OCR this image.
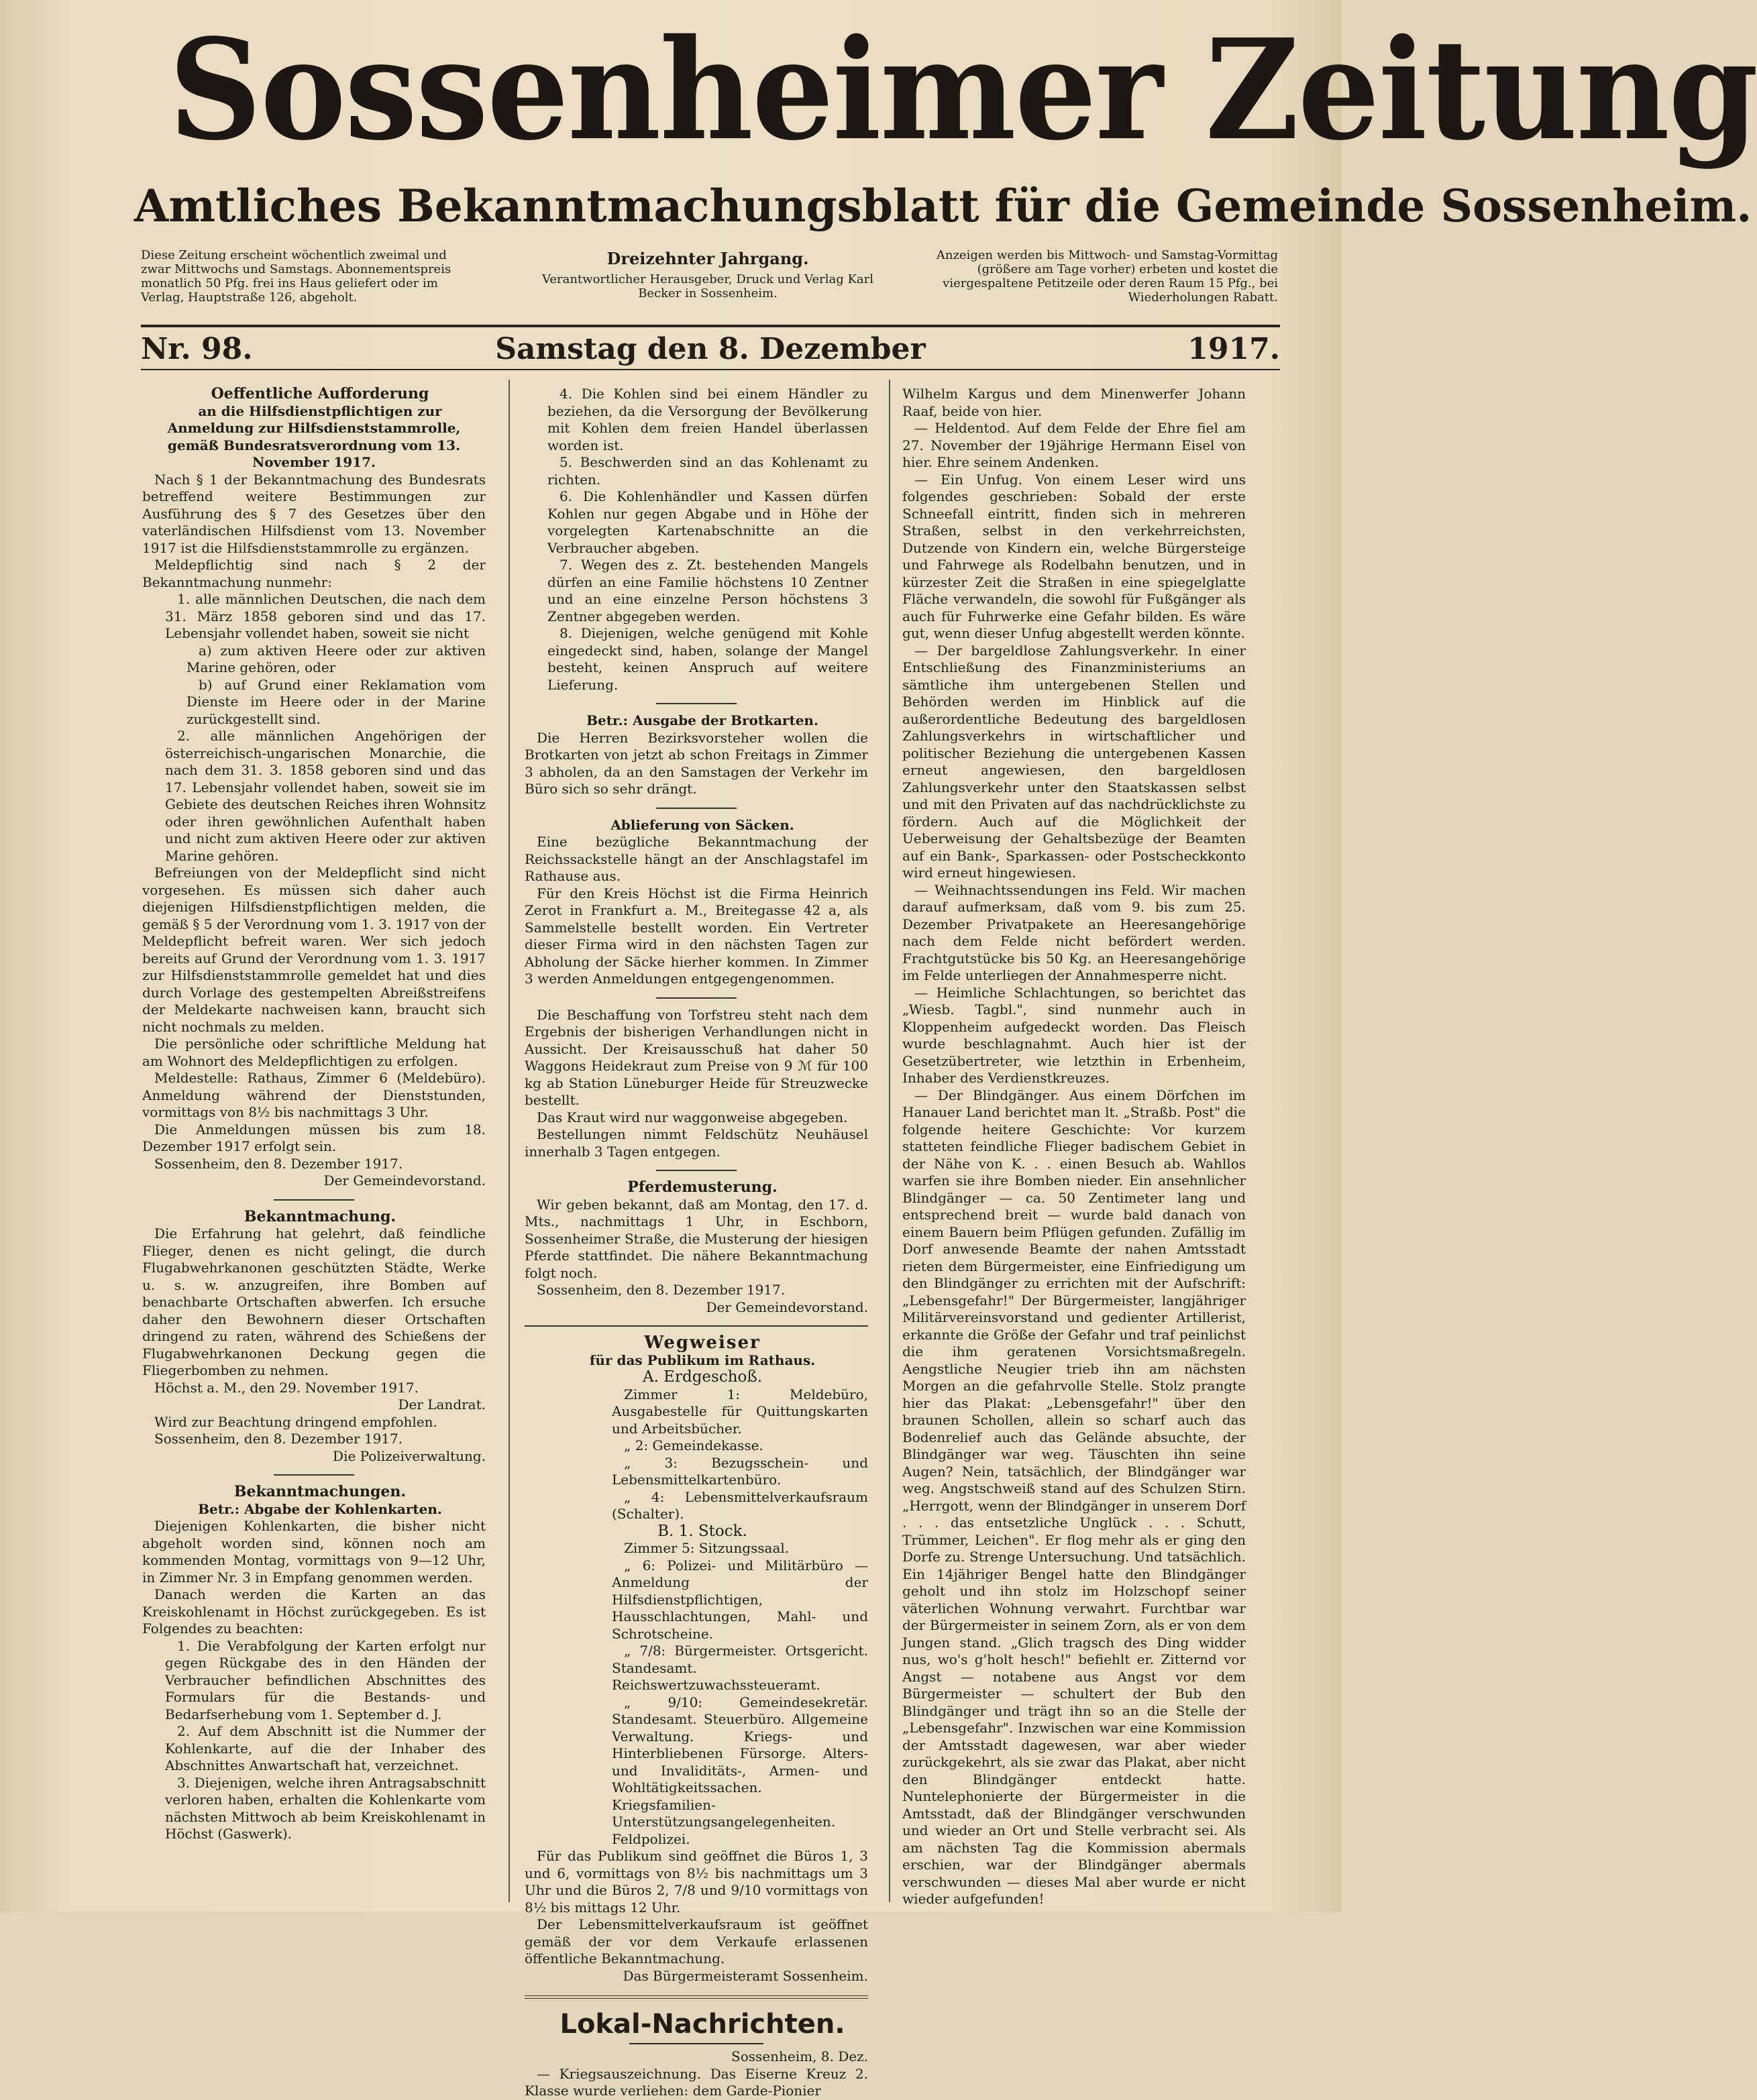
Sossenheimer Zeitung
Amtliches Bekanntmachungsblatt für die Gemeinde Sossenheim.
Diese Zeitung erscheint wöchentlich zweimal und zwar Mittwochs und Samstags. Abonnementspreis monatlich 50 Pfg. frei ins Haus geliefert oder im Verlag, Hauptstraße 126, abgeholt.
Dreizehnter Jahrgang.
Verantwortlicher Herausgeber, Druck und Verlag Karl Becker in Sossenheim.
Anzeigen werden bis Mittwoch- und Samstag-Vormittag (größere am Tage vorher) erbeten und kostet die viergespaltene Petitzeile oder deren Raum 15 Pfg., bei Wiederholungen Rabatt.
Nr. 98.	Samstag den 8. Dezember	1917.

Oeffentliche Aufforderung

an die Hilfsdienstpflichtigen zur Anmeldung zur Hilfsdienststammrolle, gemäß Bundesratsverordnung vom 13. November 1917.

Nach § 1 der Bekanntmachung des Bundesrats betreffend weitere Bestimmungen zur Ausführung des § 7 des Gesetzes über den vaterländischen Hilfsdienst vom 13. November 1917 ist die Hilfsdienststammrolle zu ergänzen.

Meldepflichtig sind nach § 2 der Bekanntmachung nunmehr:

1. alle männlichen Deutschen, die nach dem 31. März 1858 geboren sind und das 17. Lebensjahr vollendet haben, soweit sie nicht

a) zum aktiven Heere oder zur aktiven Marine gehören, oder

b) auf Grund einer Reklamation vom Dienste im Heere oder in der Marine zurückgestellt sind.

2. alle männlichen Angehörigen der österreichisch-ungarischen Monarchie, die nach dem 31. 3. 1858 geboren sind und das 17. Lebensjahr vollendet haben, soweit sie im Gebiete des deutschen Reiches ihren Wohnsitz oder ihren gewöhnlichen Aufenthalt haben und nicht zum aktiven Heere oder zur aktiven Marine gehören.

Befreiungen von der Meldepflicht sind nicht vorgesehen. Es müssen sich daher auch diejenigen Hilfsdienstpflichtigen melden, die gemäß § 5 der Verordnung vom 1. 3. 1917 von der Meldepflicht befreit waren. Wer sich jedoch bereits auf Grund der Verordnung vom 1. 3. 1917 zur Hilfsdienststammrolle gemeldet hat und dies durch Vorlage des gestempelten Abreißstreifens der Meldekarte nachweisen kann, braucht sich nicht nochmals zu melden.

Die persönliche oder schriftliche Meldung hat am Wohnort des Meldepflichtigen zu erfolgen.

Meldestelle: Rathaus, Zimmer 6 (Meldebüro). Anmeldung während der Dienststunden, vormittags von 8½ bis nachmittags 3 Uhr.

Die Anmeldungen müssen bis zum 18. Dezember 1917 erfolgt sein.

Sossenheim, den 8. Dezember 1917.

Der Gemeindevorstand.

Bekanntmachung.

Die Erfahrung hat gelehrt, daß feindliche Flieger, denen es nicht gelingt, die durch Flugabwehrkanonen geschützten Städte, Werke u. s. w. anzugreifen, ihre Bomben auf benachbarte Ortschaften abwerfen. Ich ersuche daher den Bewohnern dieser Ortschaften dringend zu raten, während des Schießens der Flugabwehrkanonen Deckung gegen die Fliegerbomben zu nehmen.

Höchst a. M., den 29. November 1917.

Der Landrat.

Wird zur Beachtung dringend empfohlen.

Sossenheim, den 8. Dezember 1917.

Die Polizeiverwaltung.

Bekanntmachungen.

Betr.: Abgabe der Kohlenkarten.

Diejenigen Kohlenkarten, die bisher nicht abgeholt worden sind, können noch am kommenden Montag, vormittags von 9—12 Uhr, in Zimmer Nr. 3 in Empfang genommen werden.

Danach werden die Karten an das Kreiskohlenamt in Höchst zurückgegeben. Es ist Folgendes zu beachten:

1. Die Verabfolgung der Karten erfolgt nur gegen Rückgabe des in den Händen der Verbraucher befindlichen Abschnittes des Formulars für die Bestands- und Bedarfserhebung vom 1. September d. J.

2. Auf dem Abschnitt ist die Nummer der Kohlenkarte, auf die der Inhaber des Abschnittes Anwartschaft hat, verzeichnet.

3. Diejenigen, welche ihren Antragsabschnitt verloren haben, erhalten die Kohlenkarte vom nächsten Mittwoch ab beim Kreiskohlenamt in Höchst (Gaswerk).

4. Die Kohlen sind bei einem Händler zu beziehen, da die Versorgung der Bevölkerung mit Kohlen dem freien Handel überlassen worden ist.

5. Beschwerden sind an das Kohlenamt zu richten.

6. Die Kohlenhändler und Kassen dürfen Kohlen nur gegen Abgabe und in Höhe der vorgelegten Kartenabschnitte an die Verbraucher abgeben.

7. Wegen des z. Zt. bestehenden Mangels dürfen an eine Familie höchstens 10 Zentner und an eine einzelne Person höchstens 3 Zentner abgegeben werden.

8. Diejenigen, welche genügend mit Kohle eingedeckt sind, haben, solange der Mangel besteht, keinen Anspruch auf weitere Lieferung.

Betr.: Ausgabe der Brotkarten.

Die Herren Bezirksvorsteher wollen die Brotkarten von jetzt ab schon Freitags in Zimmer 3 abholen, da an den Samstagen der Verkehr im Büro sich so sehr drängt.

Ablieferung von Säcken.

Eine bezügliche Bekanntmachung der Reichssackstelle hängt an der Anschlagstafel im Rathause aus.

Für den Kreis Höchst ist die Firma Heinrich Zerot in Frankfurt a. M., Breitegasse 42 a, als Sammelstelle bestellt worden. Ein Vertreter dieser Firma wird in den nächsten Tagen zur Abholung der Säcke hierher kommen. In Zimmer 3 werden Anmeldungen entgegengenommen.

Die Beschaffung von Torfstreu steht nach dem Ergebnis der bisherigen Verhandlungen nicht in Aussicht. Der Kreisausschuß hat daher 50 Waggons Heidekraut zum Preise von 9 ℳ für 100 kg ab Station Lüneburger Heide für Streuzwecke bestellt.

Das Kraut wird nur waggonweise abgegeben.

Bestellungen nimmt Feldschütz Neuhäusel innerhalb 3 Tagen entgegen.

Pferdemusterung.

Wir geben bekannt, daß am Montag, den 17. d. Mts., nachmittags 1 Uhr, in Eschborn, Sossenheimer Straße, die Musterung der hiesigen Pferde stattfindet. Die nähere Bekanntmachung folgt noch.

Sossenheim, den 8. Dezember 1917.

Der Gemeindevorstand.

Wegweiser

für das Publikum im Rathaus.

A. Erdgeschoß.

Zimmer 1: Meldebüro, Ausgabestelle für Quittungskarten und Arbeitsbücher.

„ 2: Gemeindekasse.

„ 3: Bezugsschein- und Lebensmittelkartenbüro.

„ 4: Lebensmittelverkaufsraum (Schalter).

B. 1. Stock.

Zimmer 5: Sitzungssaal.

„ 6: Polizei- und Militärbüro — Anmeldung der Hilfsdienstpflichtigen, Hausschlachtungen, Mahl- und Schrotscheine.

„ 7/8: Bürgermeister. Ortsgericht. Standesamt. Reichswertzuwachssteueramt.

„ 9/10: Gemeindesekretär. Standesamt. Steuerbüro. Allgemeine Verwaltung. Kriegs- und Hinterbliebenen Fürsorge. Alters- und Invaliditäts-, Armen- und Wohltätigkeitssachen. Kriegsfamilien-Unterstützungsangelegenheiten. Feldpolizei.

Für das Publikum sind geöffnet die Büros 1, 3 und 6, vormittags von 8½ bis nachmittags um 3 Uhr und die Büros 2, 7/8 und 9/10 vormittags von 8½ bis mittags 12 Uhr.

Der Lebensmittelverkaufsraum ist geöffnet gemäß der vor dem Verkaufe erlassenen öffentliche Bekanntmachung.

Das Bürgermeisteramt Sossenheim.

Lokal-Nachrichten.

Sossenheim, 8. Dez.

— Kriegsauszeichnung. Das Eiserne Kreuz 2. Klasse wurde verliehen: dem Garde-Pionier

Wilhelm Kargus und dem Minenwerfer Johann Raaf, beide von hier.

— Heldentod. Auf dem Felde der Ehre fiel am 27. November der 19jährige Hermann Eisel von hier. Ehre seinem Andenken.

— Ein Unfug. Von einem Leser wird uns folgendes geschrieben: Sobald der erste Schneefall eintritt, finden sich in mehreren Straßen, selbst in den verkehrreichsten, Dutzende von Kindern ein, welche Bürgersteige und Fahrwege als Rodelbahn benutzen, und in kürzester Zeit die Straßen in eine spiegelglatte Fläche verwandeln, die sowohl für Fußgänger als auch für Fuhrwerke eine Gefahr bilden. Es wäre gut, wenn dieser Unfug abgestellt werden könnte.

— Der bargeldlose Zahlungsverkehr. In einer Entschließung des Finanzministeriums an sämtliche ihm untergebenen Stellen und Behörden werden im Hinblick auf die außerordentliche Bedeutung des bargeldlosen Zahlungsverkehrs in wirtschaftlicher und politischer Beziehung die untergebenen Kassen erneut angewiesen, den bargeldlosen Zahlungsverkehr unter den Staatskassen selbst und mit den Privaten auf das nachdrücklichste zu fördern. Auch auf die Möglichkeit der Ueberweisung der Gehaltsbezüge der Beamten auf ein Bank-, Sparkassen- oder Postscheckkonto wird erneut hingewiesen.

— Weihnachtssendungen ins Feld. Wir machen darauf aufmerksam, daß vom 9. bis zum 25. Dezember Privatpakete an Heeresangehörige nach dem Felde nicht befördert werden. Frachtgutstücke bis 50 Kg. an Heeresangehörige im Felde unterliegen der Annahmesperre nicht.

— Heimliche Schlachtungen, so berichtet das „Wiesb. Tagbl.", sind nunmehr auch in Kloppenheim aufgedeckt worden. Das Fleisch wurde beschlagnahmt. Auch hier ist der Gesetzübertreter, wie letzthin in Erbenheim, Inhaber des Verdienstkreuzes.

— Der Blindgänger. Aus einem Dörfchen im Hanauer Land berichtet man lt. „Straßb. Post" die folgende heitere Geschichte: Vor kurzem statteten feindliche Flieger badischem Gebiet in der Nähe von K. . . einen Besuch ab. Wahllos warfen sie ihre Bomben nieder. Ein ansehnlicher Blindgänger — ca. 50 Zentimeter lang und entsprechend breit — wurde bald danach von einem Bauern beim Pflügen gefunden. Zufällig im Dorf anwesende Beamte der nahen Amtsstadt rieten dem Bürgermeister, eine Einfriedigung um den Blindgänger zu errichten mit der Aufschrift: „Lebensgefahr!" Der Bürgermeister, langjähriger Militärvereinsvorstand und gedienter Artillerist, erkannte die Größe der Gefahr und traf peinlichst die ihm geratenen Vorsichtsmaßregeln. Aengstliche Neugier trieb ihn am nächsten Morgen an die gefahrvolle Stelle. Stolz prangte hier das Plakat: „Lebensgefahr!" über den braunen Schollen, allein so scharf auch das Bodenrelief auch das Gelände absuchte, der Blindgänger war weg. Täuschten ihn seine Augen? Nein, tatsächlich, der Blindgänger war weg. Angstschweiß stand auf des Schulzen Stirn. „Herrgott, wenn der Blindgänger in unserem Dorf . . . das entsetzliche Unglück . . . Schutt, Trümmer, Leichen". Er flog mehr als er ging den Dorfe zu. Strenge Untersuchung. Und tatsächlich. Ein 14jähriger Bengel hatte den Blindgänger geholt und ihn stolz im Holzschopf seiner väterlichen Wohnung verwahrt. Furchtbar war der Bürgermeister in seinem Zorn, als er von dem Jungen stand. „Glich tragsch des Ding widder nus, wo's g'holt hesch!" befiehlt er. Zitternd vor Angst — notabene aus Angst vor dem Bürgermeister — schultert der Bub den Blindgänger und trägt ihn so an die Stelle der „Lebensgefahr". Inzwischen war eine Kommission der Amtsstadt dagewesen, war aber wieder zurückgekehrt, als sie zwar das Plakat, aber nicht den Blindgänger entdeckt hatte. Nuntelephonierte der Bürgermeister in die Amtsstadt, daß der Blindgänger verschwunden und wieder an Ort und Stelle verbracht sei. Als am nächsten Tag die Kommission abermals erschien, war der Blindgänger abermals verschwunden — dieses Mal aber wurde er nicht wieder aufgefunden!
